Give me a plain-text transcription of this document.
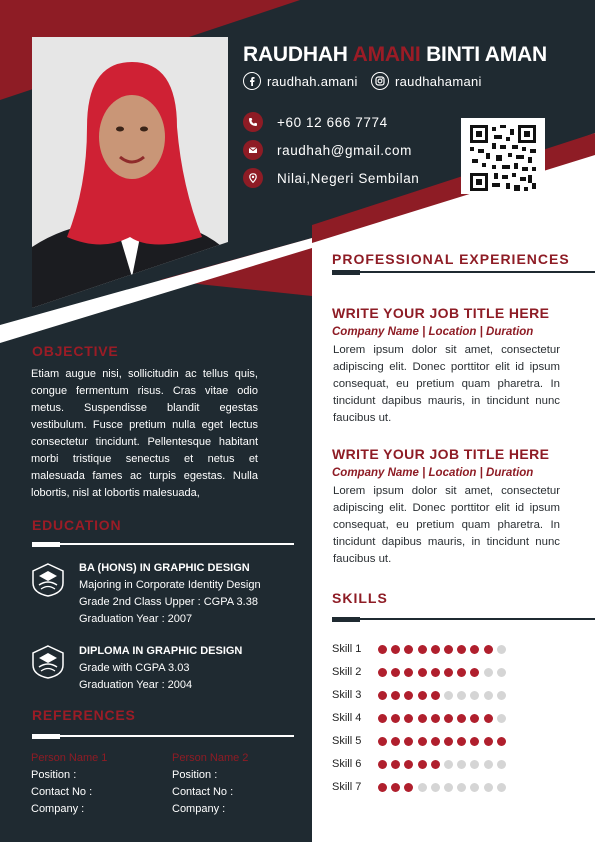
RAUDHAH AMANI BINTI AMAN
raudhah.amani	raudhahamani
+60 12 666 7774
raudhah@gmail.com
Nilai,Negeri Sembilan
OBJECTIVE

Etiam augue nisi, sollicitudin ac tellus quis, congue fermentum risus. Cras vitae odio metus. Suspendisse blandit egestas vestibulum. Fusce pretium nulla eget lectus consectetur tincidunt. Pellentesque habitant morbi tristique senectus et netus et malesuada fames ac turpis egestas. Nulla lobortis, nisl at lobortis malesuada,

EDUCATION
BA (HONS) IN GRAPHIC DESIGN
Majoring in Corporate Identity Design
Grade 2nd Class Upper : CGPA 3.38
Graduation Year : 2007
DIPLOMA IN GRAPHIC DESIGN
Grade with CGPA 3.03
Graduation Year : 2004
REFERENCES
Person Name 1
Position :
Contact No :
Company :
Person Name 2
Position :
Contact No :
Company :
PROFESSIONAL EXPERIENCES
WRITE YOUR JOB TITLE HERE
Company Name | Location | Duration

Lorem ipsum dolor sit amet, consectetur adipiscing elit. Donec porttitor elit id ipsum consequat, eu pretium quam pharetra. In tincidunt dapibus mauris, in tincidunt nunc faucibus ut.

WRITE YOUR JOB TITLE HERE
Company Name | Location | Duration

Lorem ipsum dolor sit amet, consectetur adipiscing elit. Donec porttitor elit id ipsum consequat, eu pretium quam pharetra. In tincidunt dapibus mauris, in tincidunt nunc faucibus ut.

SKILLS
Skill 1
Skill 2
Skill 3
Skill 4
Skill 5
Skill 6
Skill 7
